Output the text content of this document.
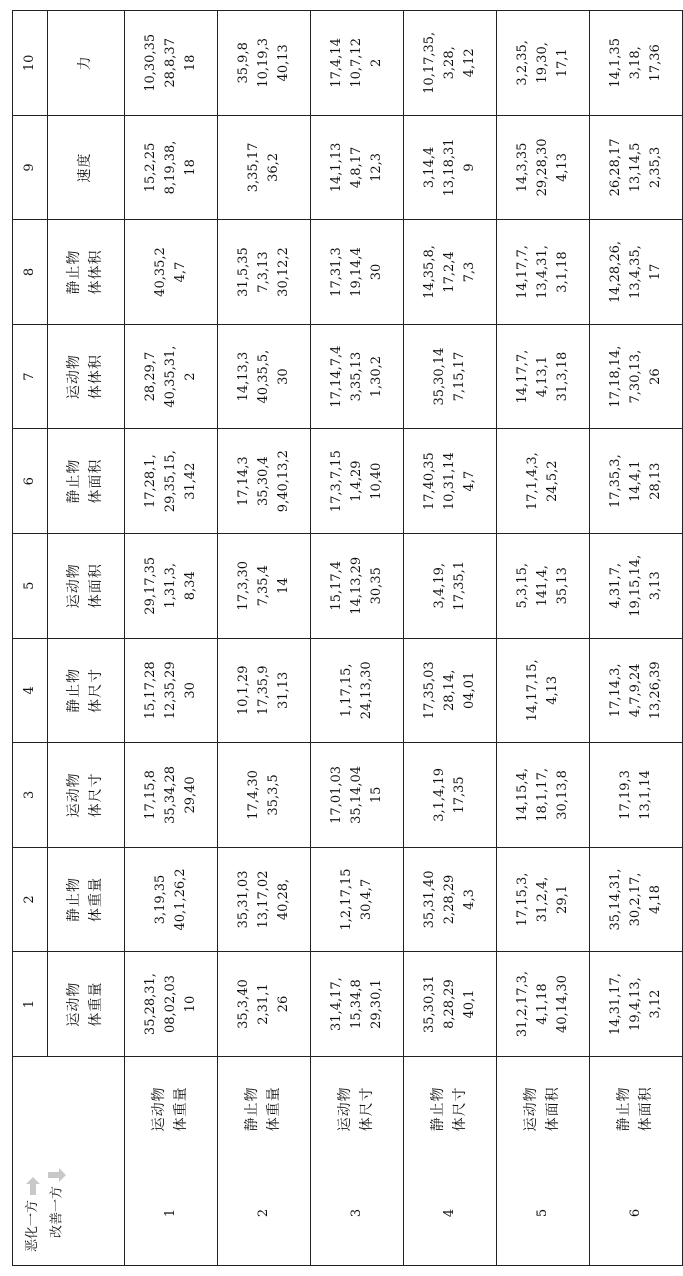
恶化一方 改善一方		1	2	3	4	5	6	7	8	9	10

		运动物 体重量	静止物 体重量	运动物 体尺寸	静止物 体尺寸	运动物 体面积	静止物 体面积	运动物 体体积	静止物 体体积	速度	力

1	运动物 体重量	35,28,31, 08,02,03 10	3,19,35 40,1,26,2	17,15,8 35,34,28 29,40	15,17,28 12,35,29 30	29,17,35 1,31,3, 8,34	17,28,1, 29,35,15, 31,42	28,29,7 40,35,31, 2	40,35,2 4,7	15,2,25 8,19,38, 18	10,30,35 28,8,37 18

2	静止物 体重量	35,3,40 2,31,1 26	35,31,03 13,17,02 40,28,	17,4,30 35,3,5	10,1,29 17,35,9 31,13	17,3,30 7,35,4 14	17,14,3 35,30,4 9,40,13,2	14,13,3 40,35,5, 30	31,5,35 7,3,13 30,12,2	3,35,17 36,2	35,9,8 10,19,3 40,13

3	运动物 体尺寸	31,4,17, 15,34,8 29,30,1	1,2,17,15 30,4,7	17,01,03 35,14,04 15	1,17,15, 24,13,30	15,17,4 14,13,29 30,35	17,3,7,15 1,4,29 10,40	17,14,7,4 3,35,13 1,30,2	17,31,3 19,14,4 30	14,1,13 4,8,17 12,3	17,4,14 10,7,12 2

4	静止物 体尺寸	35,30,31 8,28,29 40,1	35,31,40 2,28,29 4,3	3,1,4,19 17,35	17,35,03 28,14, 04,01	3,4,19, 17,35,1	17,40,35 10,31,14 4,7	35,30,14 7,15,17	14,35,8, 17,2,4 7,3	3,14,4 13,18,31 9	10,17,35, 3,28, 4,12

5	运动物 体面积	31,2,17,3, 4,1,18 40,14,30	17,15,3, 31,2,4, 29,1	14,15,4, 18,1,17, 30,13,8	14,17,15, 4,13	5,3,15, 141,4, 35,13	17,1,4,3, 24,5,2	14,17,7, 4,13,1 31,3,18	14,17,7, 13,4,31, 3,1,18	14,3,35 29,28,30 4,13	3,2,35, 19,30, 17,1

6	静止物 体面积	14,31,17, 19,4,13, 3,12	35,14,31, 30,2,17, 4,18	17,19,3 13,1,14	17,14,3, 4,7,9,24 13,26,39	4,31,7, 19,15,14, 3,13	17,35,3, 14,4,1 28,13	17,18,14, 7,30,13, 26	14,28,26, 13,4,35, 17	26,28,17 13,14,5 2,35,3	14,1,35 3,18, 17,36
